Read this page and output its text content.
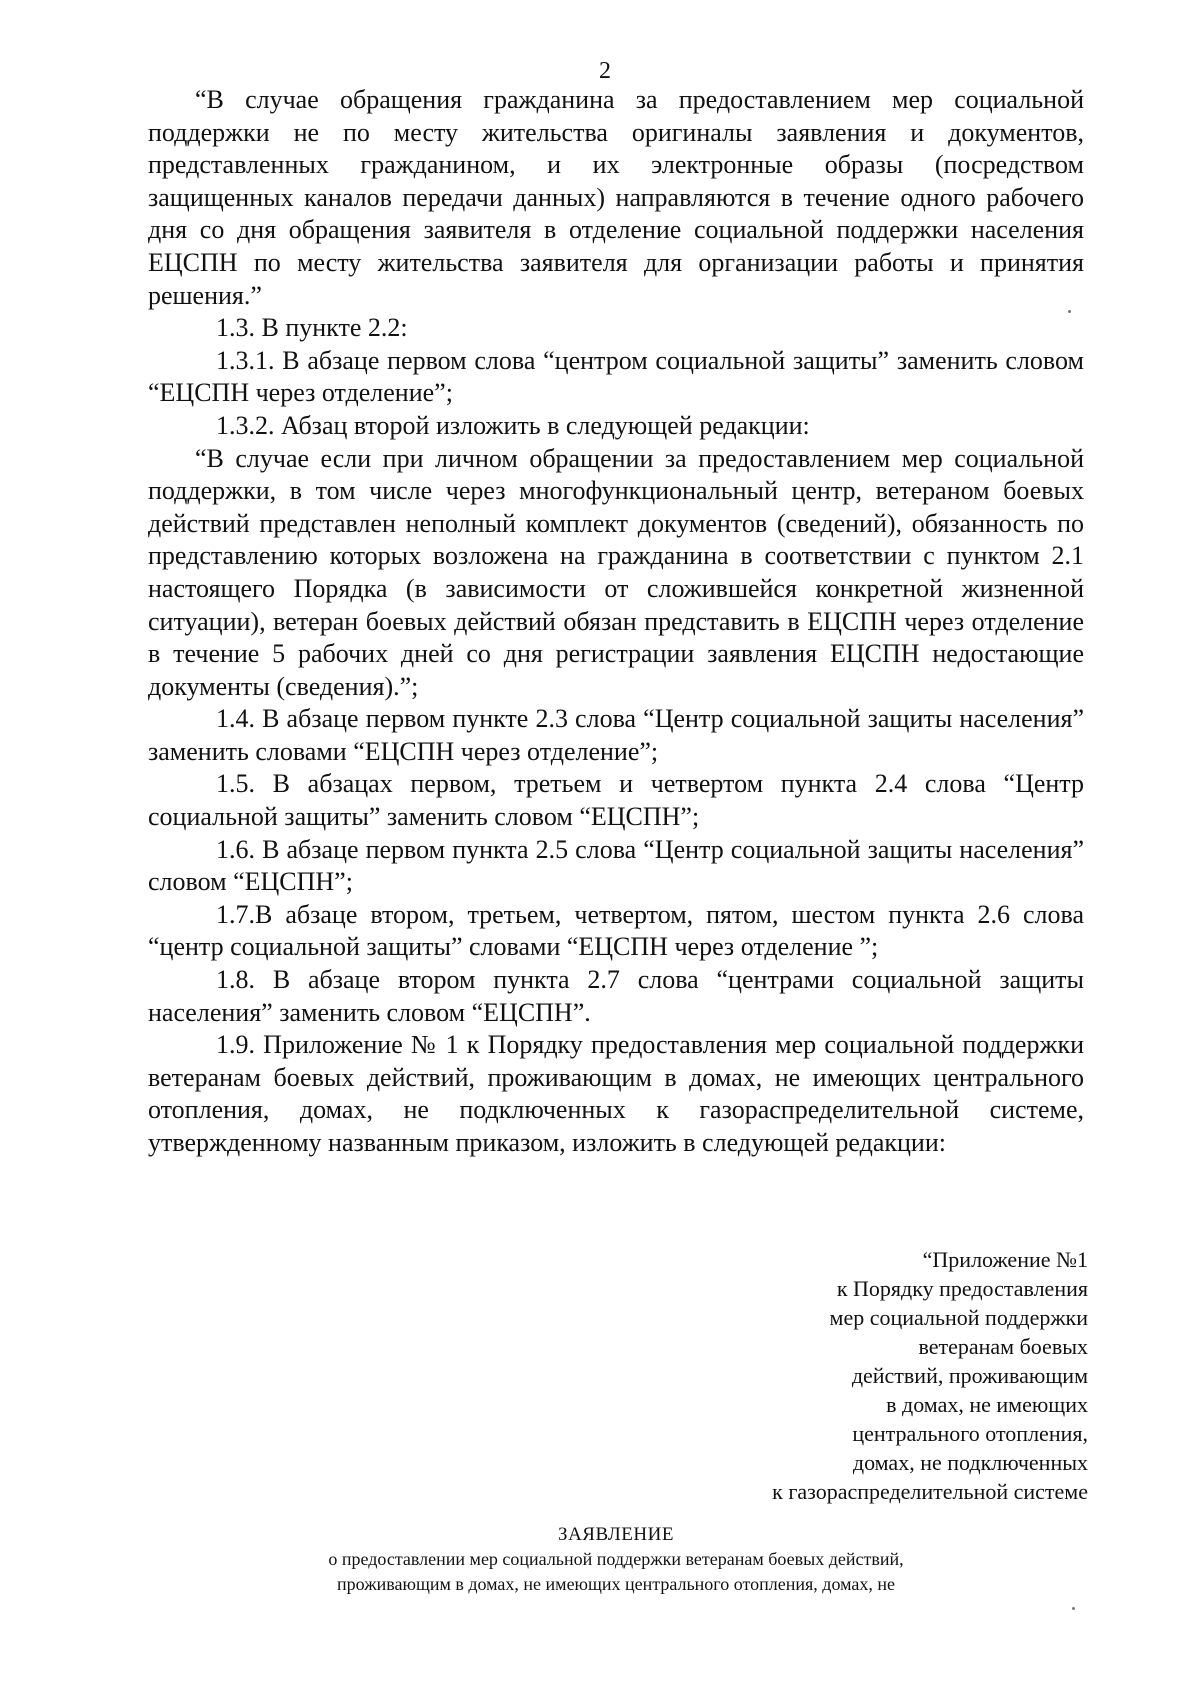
2

“В случае обращения гражданина за предоставлением мер социальной поддержки не по месту жительства оригиналы заявления и документов, представленных гражданином, и их электронные образы (посредством защищенных каналов передачи данных) направляются в течение одного рабочего дня со дня обращения заявителя в отделение социальной поддержки населения ЕЦСПН по месту жительства заявителя для организации работы и принятия решения.”

1.3. В пункте 2.2:

1.3.1. В абзаце первом слова “центром социальной защиты” заменить словом “ЕЦСПН через отделение”;

1.3.2. Абзац второй изложить в следующей редакции:

“В случае если при личном обращении за предоставлением мер социальной поддержки, в том числе через многофункциональный центр, ветераном боевых действий представлен неполный комплект документов (сведений), обязанность по представлению которых возложена на гражданина в соответствии с пунктом 2.1 настоящего Порядка (в зависимости от сложившейся конкретной жизненной ситуации), ветеран боевых действий обязан представить в ЕЦСПН через отделение в течение 5 рабочих дней со дня регистрации заявления ЕЦСПН недостающие документы (сведения).”;

1.4. В абзаце первом пункте 2.3 слова “Центр социальной защиты населения” заменить словами “ЕЦСПН через отделение”;

1.5. В абзацах первом, третьем и четвертом пункта 2.4 слова “Центр социальной защиты” заменить словом “ЕЦСПН”;

1.6. В абзаце первом пункта 2.5 слова “Центр социальной защиты населения” словом “ЕЦСПН”;

1.7.В абзаце втором, третьем, четвертом, пятом, шестом пункта 2.6 слова “центр социальной защиты” словами “ЕЦСПН через отделение ”;

1.8. В абзаце втором пункта 2.7 слова “центрами социальной защиты населения” заменить словом “ЕЦСПН”.

1.9. Приложение № 1 к Порядку предоставления мер социальной поддержки ветеранам боевых действий, проживающим в домах, не имеющих центрального отопления, домах, не подключенных к газораспределительной системе, утвержденному названным приказом, изложить в следующей редакции:

“Приложение №1
к Порядку предоставления
мер социальной поддержки
ветеранам боевых
действий, проживающим
в домах, не имеющих
центрального отопления,
домах, не подключенных
к газораспределительной системе
ЗАЯВЛЕНИЕ
о предоставлении мер социальной поддержки ветеранам боевых действий,
проживающим в домах, не имеющих центрального отопления, домах, не
